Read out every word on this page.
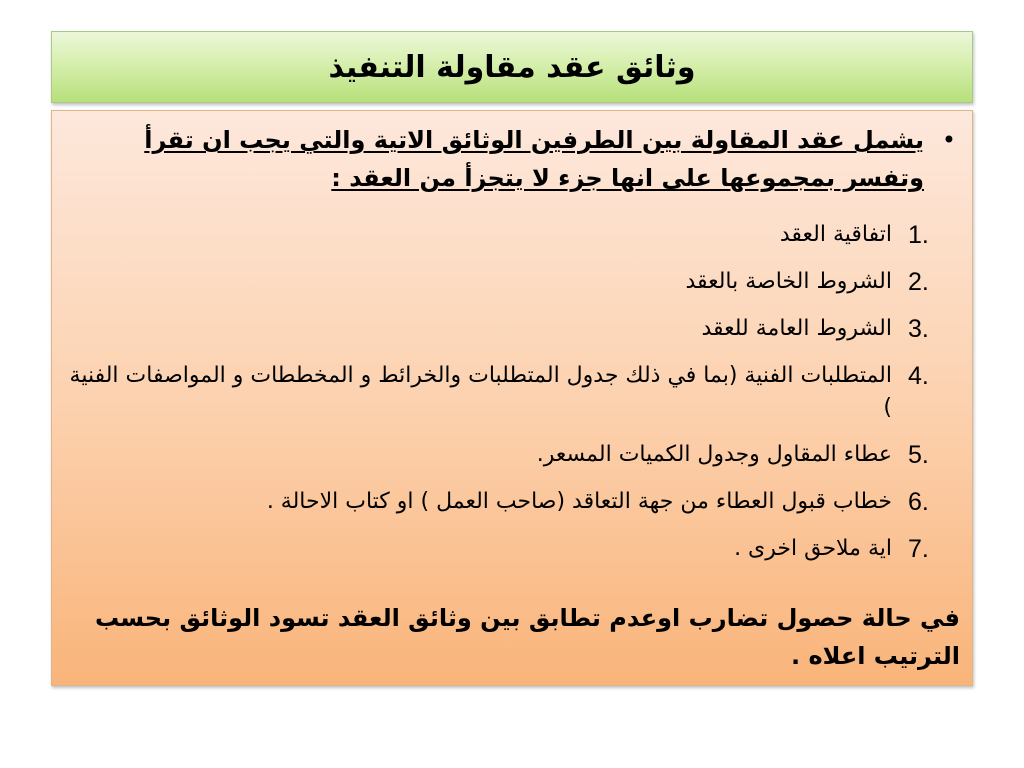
وثائق عقد مقاولة التنفيذ
•
يشمل عقد المقاولة بين الطرفين الوثائق الاتية والتي يجب ان تقرأ وتفسر بمجموعها على انها جزء لا يتجزأ من العقد :
1.
اتفاقية العقد
2.
الشروط الخاصة بالعقد
3.
الشروط العامة للعقد
4.
المتطلبات الفنية (بما في ذلك جدول المتطلبات والخرائط و المخططات و المواصفات الفنية )
5.
عطاء المقاول وجدول الكميات المسعر.
6.
خطاب قبول العطاء من جهة التعاقد (صاحب العمل ) او كتاب الاحالة .
7.
اية ملاحق اخرى .
في حالة حصول تضارب اوعدم تطابق بين وثائق العقد تسود الوثائق بحسب الترتيب اعلاه .
